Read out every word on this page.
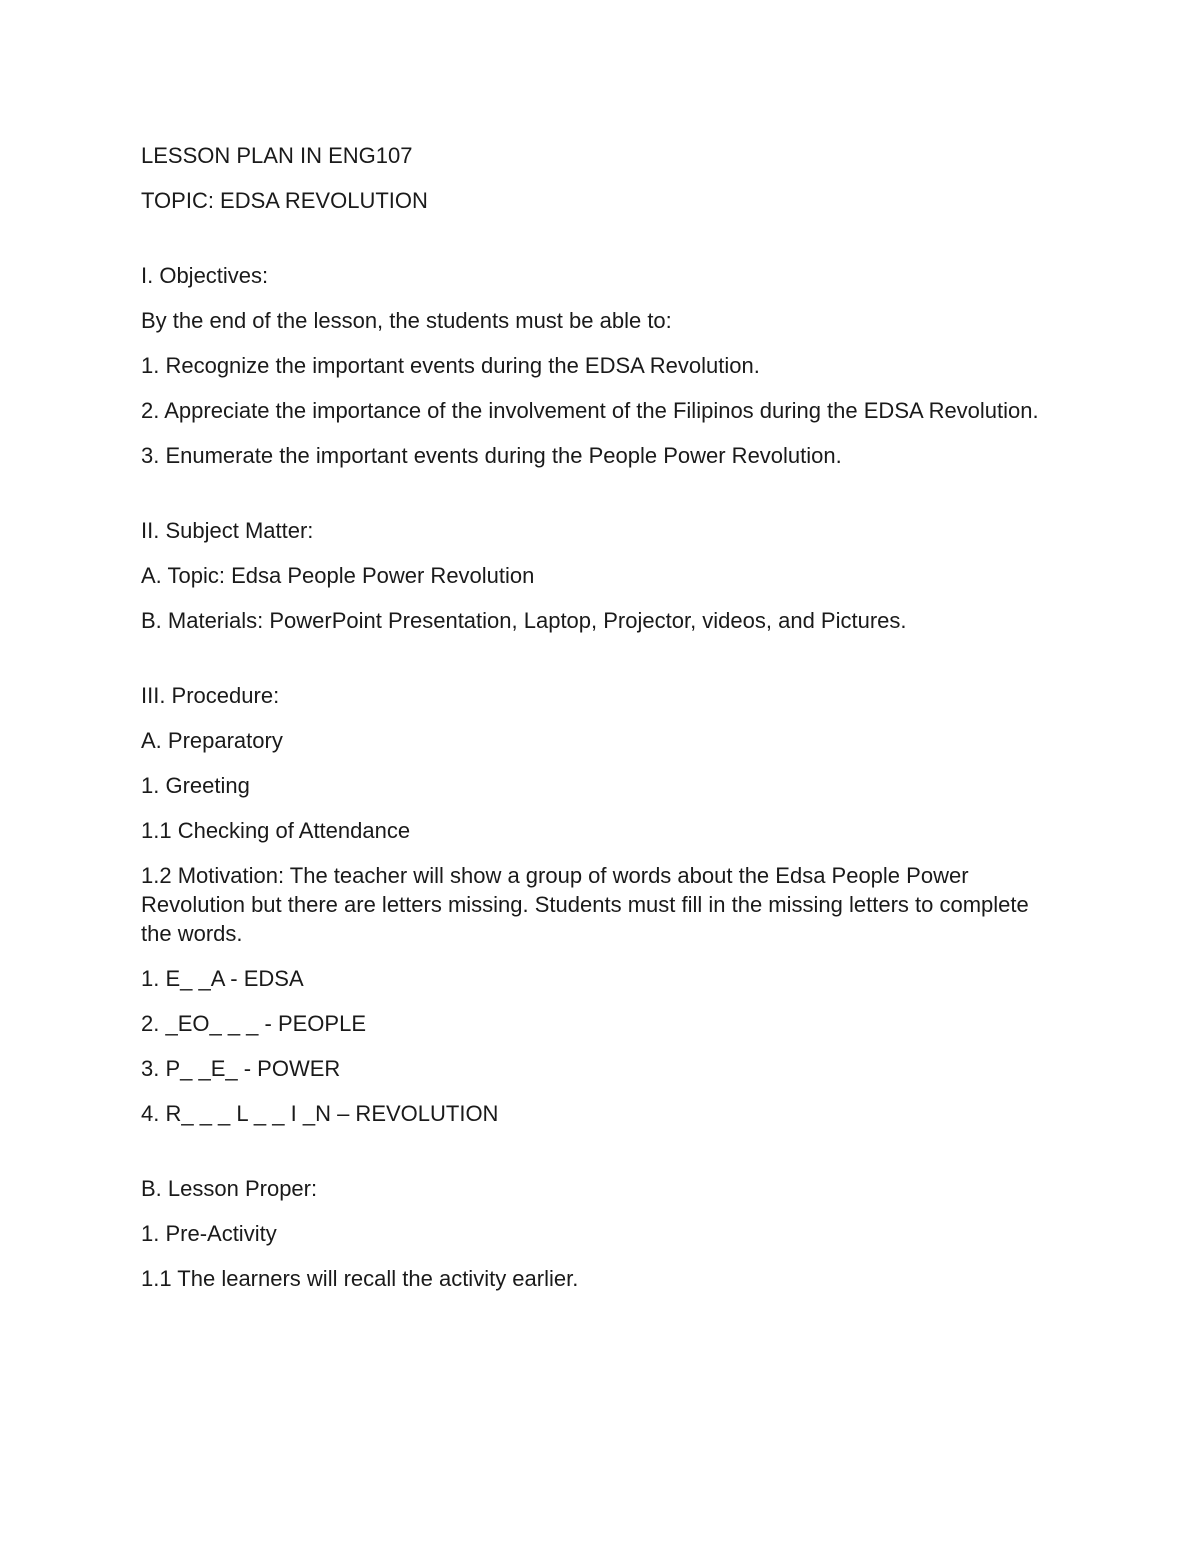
LESSON PLAN IN ENG107

TOPIC: EDSA REVOLUTION

I. Objectives:

By the end of the lesson, the students must be able to:

1. Recognize the important events during the EDSA Revolution.

2. Appreciate the importance of the involvement of the Filipinos during the EDSA Revolution.

3. Enumerate the important events during the People Power Revolution.

II. Subject Matter:

A. Topic: Edsa People Power Revolution

B. Materials: PowerPoint Presentation, Laptop, Projector, videos, and Pictures.

III. Procedure:

A. Preparatory

1. Greeting

1.1 Checking of Attendance

1.2 Motivation: The teacher will show a group of words about the Edsa People Power Revolution but there are letters missing. Students must fill in the missing letters to complete the words.

1. E_ _A - EDSA

2. _EO_ _ _ - PEOPLE

3. P_ _E_ - POWER

4. R_ _ _ L _ _ I _N – REVOLUTION

B. Lesson Proper:

1. Pre-Activity

1.1 The learners will recall the activity earlier.
